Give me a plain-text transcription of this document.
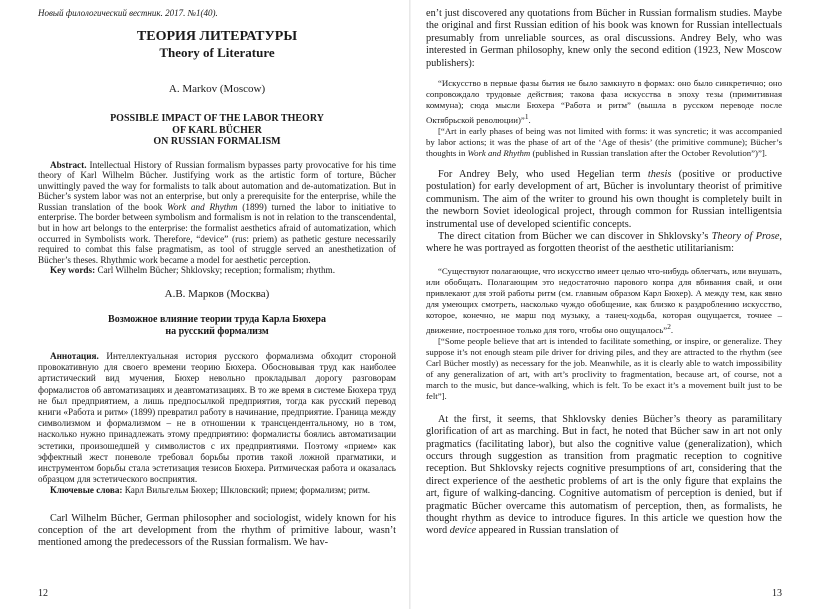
Новый филологический вестник. 2017. №1(40).
ТЕОРИЯ ЛИТЕРАТУРЫ
Theory of Literature
A. Markov (Moscow)
POSSIBLE IMPACT OF THE LABOR THEORY
OF KARL BÜCHER
ON RUSSIAN FORMALISM

Abstract. Intellectual History of Russian formalism bypasses party provocative for his time theory of Karl Wilhelm Bücher. Justifying work as the artistic form of torture, Bücher unwittingly paved the way for formalists to talk about automation and de-automatization. But in Bücher’s system labor was not an enterprise, but only a prerequisite for the enterprise, while the Russian translation of the book Work and Rhythm (1899) turned the labor to initiative to enterprise. The border between symbolism and formalism is not in relation to the transcendental, but in how art belongs to the enterprise: the formalist aesthetics afraid of automatization, which occurred in Symbolists work. Therefore, “device” (rus: priem) as pathetic gesture necessarily required to combat this false pragmatism, as tool of struggle served an anesthetization of Bücher’s theses. Rhythmic work became a model for aesthetic perception.

Key words: Carl Wilhelm Bücher; Shklovsky; reception; formalism; rhythm.

А.В. Марков (Москва)
Возможное влияние теории труда Карла Бюхера
на русский формализм

Аннотация. Интеллектуальная история русского формализма обходит стороной провокативную для своего времени теорию Бюхера. Обосновывая труд как наиболее артистический вид мучения, Бюхер невольно прокладывал дорогу разговорам формалистов об автоматизациях и деавтоматизациях. В то же время в системе Бюхера труд не был предприятием, а лишь предпосылкой предприятия, тогда как русский перевод книги «Работа и ритм» (1899) превратил работу в начинание, предприятие. Граница между символизмом и формализмом – не в отношении к трансцендентальному, но в том, насколько нужно принадлежать этому предприятию: формалисты боялись автоматизации эстетики, произошедшей у символистов с их предприятиями. Поэтому «прием» как эффектный жест поневоле требовал борьбы против такой ложной прагматики, и инструментом борьбы стала эстетизация тезисов Бюхера. Ритмическая работа и оказалась образцом для эстетического восприятия.

Ключевые слова: Карл Вильгельм Бюхер; Шкловский; прием; формализм; ритм.

Carl Wilhelm Bücher, German philosopher and sociologist, widely known for his conception of the art development from the rhythm of primitive labour, wasn’t mentioned among the predecessors of the Russian formalism. We hav-

12

en’t just discovered any quotations from Bücher in Russian formalism studies. Maybe the original and first Russian edition of his book was known for Russian intellectuals presumably from unreliable sources, as oral discussions. Andrey Bely, who was interested in German philosophy, knew only the second edition (1923, New Moscow publishers):

“Искусство в первые фазы бытия не было замкнуто в формах: оно было синкретично; оно сопровождало трудовые действия; такова фаза искусства в эпоху тезы (примитивная коммуна); сюда мысли Бюхера “Работа и ритм” (вышла в русском переводе после Октябрьской революции)”$^1$.

[“Art in early phases of being was not limited with forms: it was syncretic; it was accompanied by labor actions; it was the phase of art of the ‘Age of thesis’ (the primitive commune); Bücher’s thoughts in Work and Rhythm (published in Russian translation after the October Revolution”)”].

For Andrey Bely, who used Hegelian term thesis (positive or productive postulation) for early development of art, Bücher is involuntary theorist of primitive communism. The aim of the writer to ground his own thought is completely built in the newborn Soviet ideological project, through common for Russian intelligentsia instrumental use of developed scientific concepts.

The direct citation from Bücher we can discover in Shklovsky’s Theory of Prose, where he was portrayed as forgotten theorist of the aesthetic utilitarianism:

“Существуют полагающие, что искусство имеет целью что-нибудь облегчать, или внушать, или обобщать. Полагающим это недостаточно парового копра для вбивания свай, и они привлекают для этой работы ритм (см. главным образом Карл Бюхер). А между тем, как явно для умеющих смотреть, насколько чуждо обобщение, как близко к раздроблению искусство, которое, конечно, не марш под музыку, а танец-ходьба, которая ощущается, точнее – движение, построенное только для того, чтобы оно ощущалось”$^2$.

[“Some people believe that art is intended to facilitate something, or inspire, or generalize. They suppose it’s not enough steam pile driver for driving piles, and they are attracted to the rhythm (see Carl Bücher mostly) as necessary for the job. Meanwhile, as it is clearly able to watch impossibility of any generalization of art, with art’s proclivity to fragmentation, because art, of course, not a march to the music, but dance-walking, which is felt. To be exact it’s a movement built just to be felt”].

At the first, it seems, that Shklovsky denies Bücher’s theory as paramilitary glorification of art as marching. But in fact, he noted that Bücher saw in art not only pragmatics (facilitating labor), but also the cognitive value (generalization), which occurs through suggestion as transition from pragmatic reception to cognitive reception. But Shklovsky rejects cognitive presumptions of art, considering that the direct experience of the aesthetic problems of art is the only figure that explains the art, figure of walking-dancing. Cognitive automatism of perception is denied, but if pragmatic Bücher overcame this automatism of perception, then, as formalists, he thought rhythm as device to introduce figures. In this article we question how the word device appeared in Russian translation of

13
